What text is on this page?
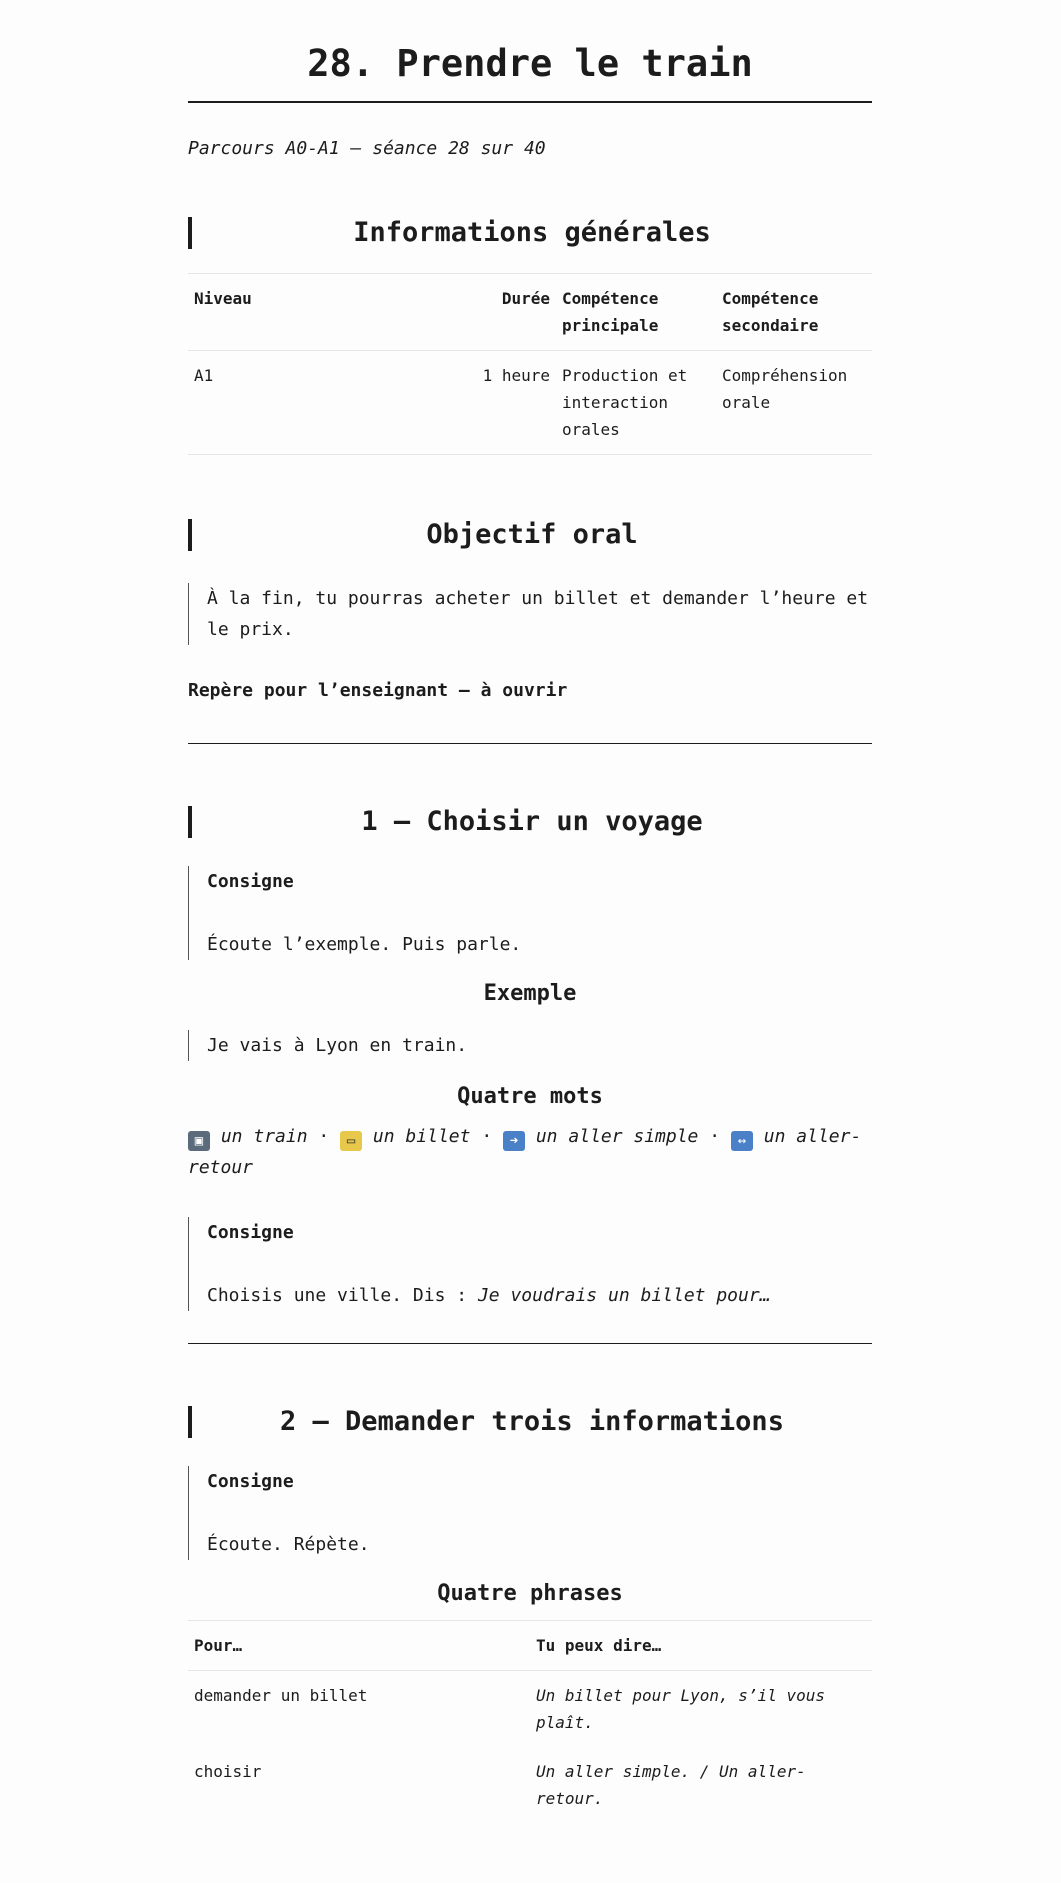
28. Prendre le train

Parcours A0-A1 — séance 28 sur 40

Informations générales
Niveau	Durée	Compétence principale	Compétence secondaire
A1	1 heure	Production et interaction orales	Compréhension orale
Objectif oral
À la fin, tu pourras acheter un billet et demander l’heure et le prix.
Repère pour l’enseignant — à ouvrir
1 — Choisir un voyage
Consigne
Écoute l’exemple. Puis parle.
Exemple
Je vais à Lyon en train.
Quatre mots
▣ un train · ▭ un billet · ➜ un aller simple · ↔ un aller-retour
Consigne
Choisis une ville. Dis : Je voudrais un billet pour…
2 — Demander trois informations
Consigne
Écoute. Répète.
Quatre phrases
Pour…	Tu peux dire…
demander un billet	Un billet pour Lyon, s’il vous plaît.
choisir	Un aller simple. / Un aller-retour.
